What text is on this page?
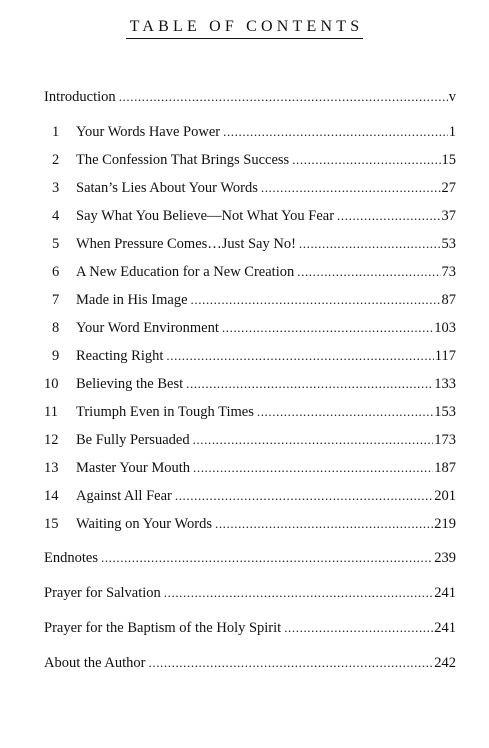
TABLE OF CONTENTS
Introduction .....	v
1	Your Words Have Power .....	1
2	The Confession That Brings Success .....	15
3	Satan’s Lies About Your Words .....	27
4	Say What You Believe—Not What You Fear .....	37
5	When Pressure Comes…Just Say No! .....	53
6	A New Education for a New Creation .....	73
7	Made in His Image .....	87
8	Your Word Environment .....	103
9	Reacting Right .....	117
10	Believing the Best .....	133
11	Triumph Even in Tough Times .....	153
12	Be Fully Persuaded .....	173
13	Master Your Mouth .....	187
14	Against All Fear .....	201
15	Waiting on Your Words .....	219
Endnotes .....	239
Prayer for Salvation .....	241
Prayer for the Baptism of the Holy Spirit .....	241
About the Author .....	242
